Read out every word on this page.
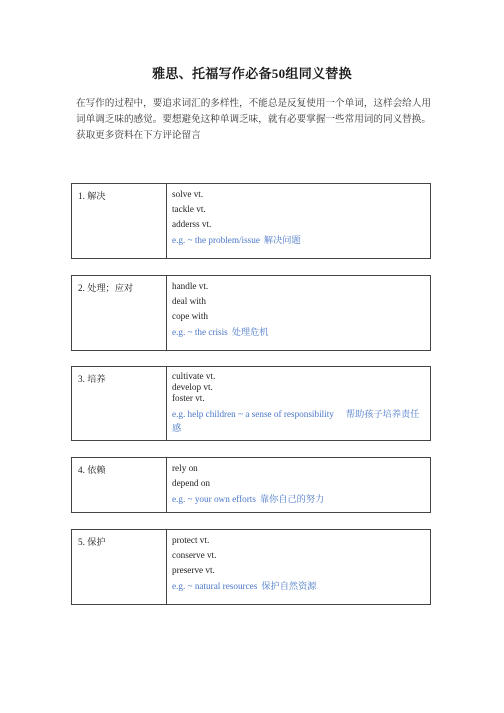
雅思、托福写作必备50组同义替换
在写作的过程中，要追求词汇的多样性，不能总是反复使用一个单词，这样会给人用词单调乏味的感觉。要想避免这种单调乏味，就有必要掌握一些常用词的同义替换。获取更多资料在下方评论留言
1. 解决	solve vt.
tackle vt.
adderss vt.
e.g. ~ the problem/issue 解决问题
2. 处理；应对	handle vt.
deal with
cope with
e.g. ~ the crisis 处理危机
3. 培养	cultivate vt.
develop vt.
foster vt.
e.g. help children ~ a sense of responsibility 帮助孩子培养责任感
4. 依赖	rely on
depend on
e.g. ~ your own efforts 靠你自己的努力
5. 保护	protect vt.
conserve vt.
preserve vt.
e.g. ~ natural resources 保护自然资源
